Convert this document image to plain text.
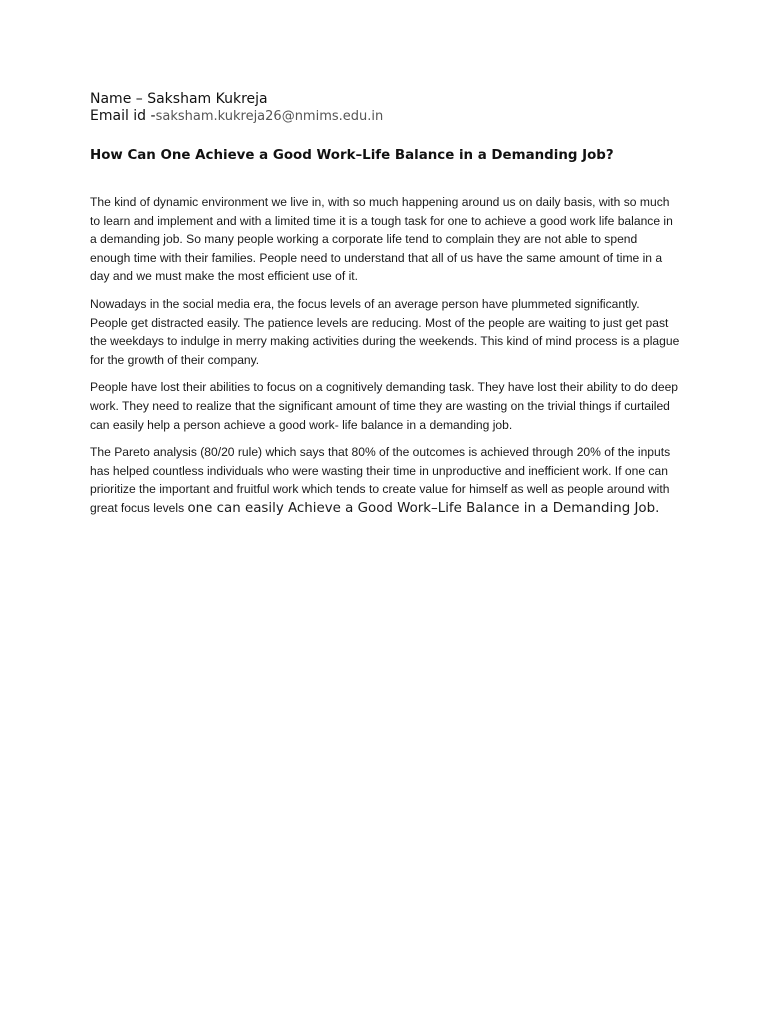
Name – Saksham Kukreja

Email id -saksham.kukreja26@nmims.edu.in

How Can One Achieve a Good Work–Life Balance in a Demanding Job?

The kind of dynamic environment we live in, with so much happening around us on daily basis, with so much to learn and implement and with a limited time it is a tough task for one to achieve a good work life balance in a demanding job. So many people working a corporate life tend to complain they are not able to spend enough time with their families. People need to understand that all of us have the same amount of time in a day and we must make the most efficient use of it.

Nowadays in the social media era, the focus levels of an average person have plummeted significantly. People get distracted easily. The patience levels are reducing. Most of the people are waiting to just get past the weekdays to indulge in merry making activities during the weekends. This kind of mind process is a plague for the growth of their company.

People have lost their abilities to focus on a cognitively demanding task. They have lost their ability to do deep work. They need to realize that the significant amount of time they are wasting on the trivial things if curtailed can easily help a person achieve a good work- life balance in a demanding job.

The Pareto analysis (80/20 rule) which says that 80% of the outcomes is achieved through 20% of the inputs has helped countless individuals who were wasting their time in unproductive and inefficient work. If one can prioritize the important and fruitful work which tends to create value for himself as well as people around with great focus levels one can easily Achieve a Good Work–Life Balance in a Demanding Job.
